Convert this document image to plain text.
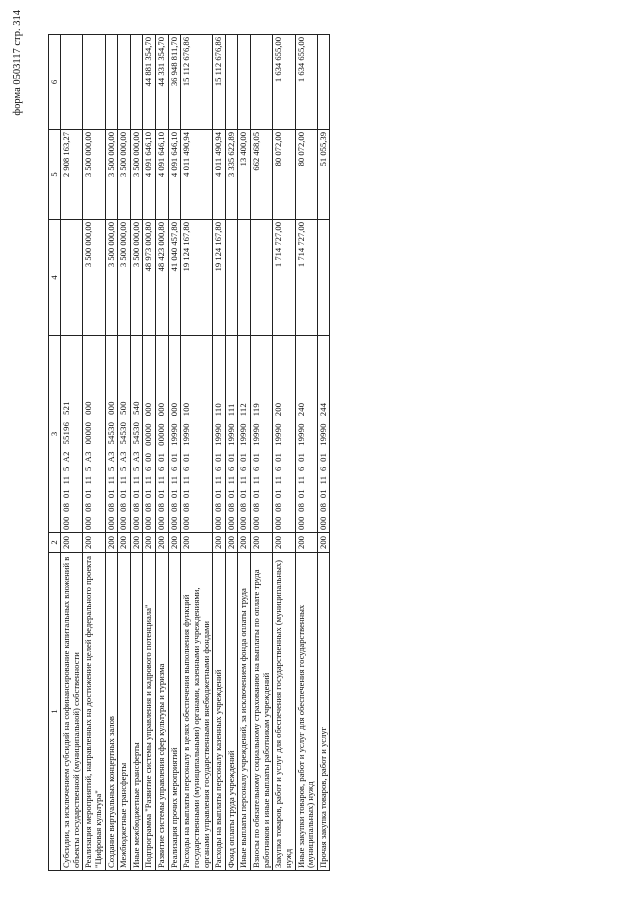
форма 0503117 стр. 314
1	2	3	4	5	6
Субсидии, за исключением субсидий на софинансирование капитальных вложений в объекты государственной (муниципальной) собственности	200	000  08  01  11  5  A2   55196   521		2 908 163,27	
Реализация мероприятий, направленных на достижение целей федерального проекта "Цифровая культура"	200	000  08  01  11  5  A3   00000   000	3 500 000,00	3 500 000,00	
Создание виртуальных концертных залов	200	000  08  01  11  5  A3   54530   000	3 500 000,00	3 500 000,00	
Межбюджетные трансферты	200	000  08  01  11  5  A3   54530   500	3 500 000,00	3 500 000,00	
Иные межбюджетные трансферты	200	000  08  01  11  5  A3   54530   540	3 500 000,00	3 500 000,00	
Подпрограмма "Развитие системы управления и кадрового потенциала"	200	000  08  01  11  6  00   00000   000	48 973 000,80	4 091 646,10	44 881 354,70
Развитие системы управления сфер культуры и туризма	200	000  08  01  11  6  01   00000   000	48 423 000,80	4 091 646,10	44 331 354,70
Реализация прочих мероприятий	200	000  08  01  11  6  01   19990   000	41 040 457,80	4 091 646,10	36 948 811,70
Расходы на выплаты персоналу в целях обеспечения выполнения функций государственными (муниципальными) органами, казенными учреждениями, органами управления государственными внебюджетными фондами	200	000  08  01  11  6  01   19990   100	19 124 167,80	4 011 490,94	15 112 676,86
Расходы на выплаты персоналу казенных учреждений	200	000  08  01  11  6  01   19990   110	19 124 167,80	4 011 490,94	15 112 676,86
Фонд оплаты труда учреждений	200	000  08  01  11  6  01   19990   111		3 335 622,89	
Иные выплаты персоналу учреждений, за исключением фонда оплаты труда	200	000  08  01  11  6  01   19990   112		13 400,00	
Взносы по обязательному социальному страхованию на выплаты по оплате труда работников и иные выплаты работникам учреждений	200	000  08  01  11  6  01   19990   119		662 468,05	
Закупка товаров, работ и услуг для обеспечения государственных (муниципальных) нужд	200	000  08  01  11  6  01   19990   200	1 714 727,00	80 072,00	1 634 655,00
Иные закупки товаров, работ и услуг для обеспечения государственных (муниципальных) нужд	200	000  08  01  11  6  01   19990   240	1 714 727,00	80 072,00	1 634 655,00
Прочая закупка товаров, работ и услуг	200	000  08  01  11  6  01   19990   244		51 055,39	
